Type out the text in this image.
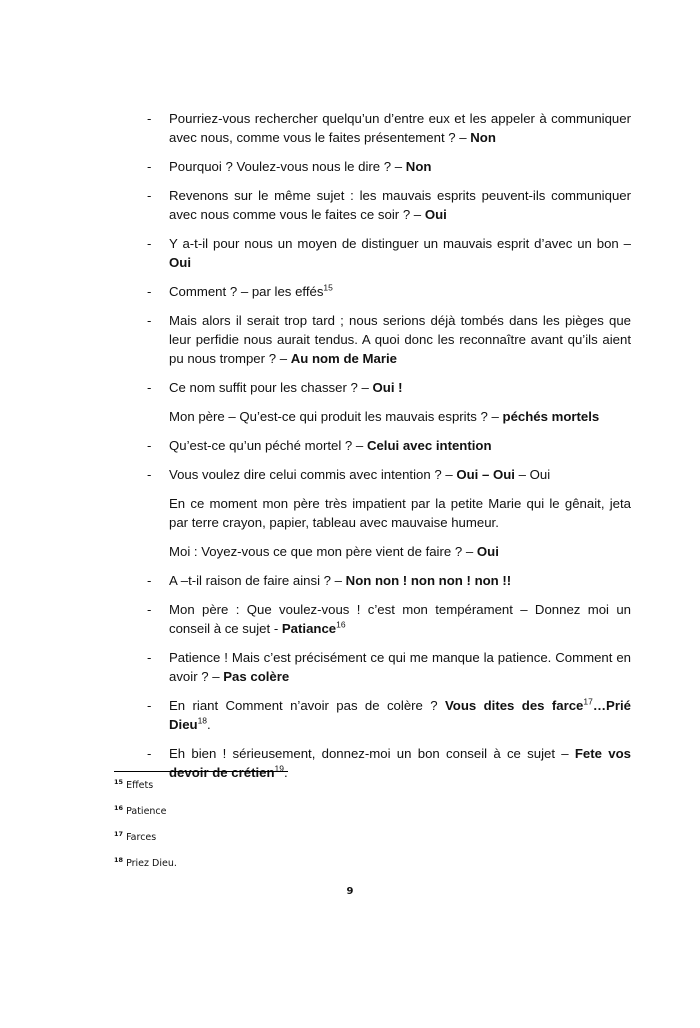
- Pourriez-vous rechercher quelqu’un d’entre eux et les appeler à communiquer avec nous, comme vous le faites présentement ? – Non
- Pourquoi ? Voulez-vous nous le dire ? – Non
- Revenons sur le même sujet : les mauvais esprits peuvent-ils communiquer avec nous comme vous le faites ce soir ? – Oui
- Y a-t-il pour nous un moyen de distinguer un mauvais esprit d’avec un bon – Oui
- Comment ? – par les effés$^{15}$
- Mais alors il serait trop tard ; nous serions déjà tombés dans les pièges que leur perfidie nous aurait tendus. A quoi donc les reconnaître avant qu’ils aient pu nous tromper ? – Au nom de Marie
- Ce nom suffit pour les chasser ? – Oui !
Mon père – Qu’est-ce qui produit les mauvais esprits ? – péchés mortels
- Qu’est-ce qu’un péché mortel ? – Celui avec intention
- Vous voulez dire celui commis avec intention ? – Oui – Oui – Oui
En ce moment mon père très impatient par la petite Marie qui le gênait, jeta par terre crayon, papier, tableau avec mauvaise humeur.
Moi : Voyez-vous ce que mon père vient de faire ? – Oui
- A –t-il raison de faire ainsi ? – Non non ! non non ! non !!
- Mon père : Que voulez-vous ! c’est mon tempérament – Donnez moi un conseil à ce sujet - Patiance$^{16}$
- Patience ! Mais c’est précisément ce qui me manque la patience. Comment en avoir ? – Pas colère
- En riant Comment n’avoir pas de colère ? Vous dites des farce$^{17}$…Prié Dieu$^{18}$.
- Eh bien ! sérieusement, donnez-moi un bon conseil à ce sujet – Fete vos devoir de crétien$^{19}$.
$^{15}$ Effets
$^{16}$ Patience
$^{17}$ Farces
$^{18}$ Priez Dieu.
9
